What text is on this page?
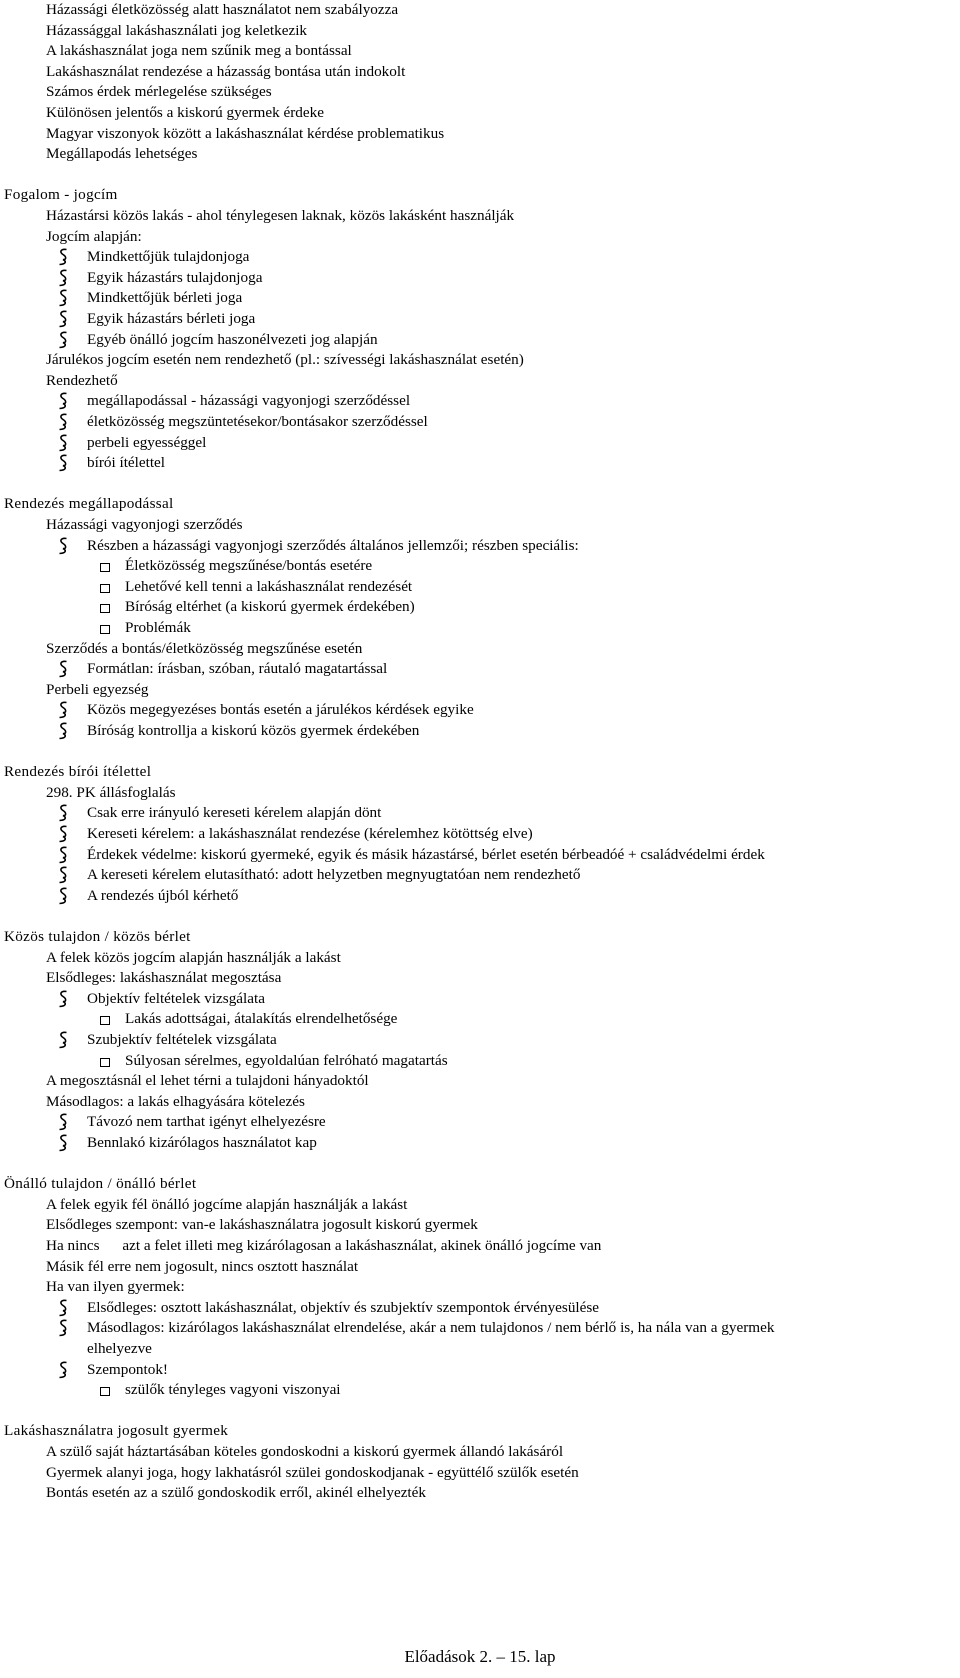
Házassági életközösség alatt használatot nem szabályozza
Házassággal lakáshasználati jog keletkezik
A lakáshasználat joga nem szűnik meg a bontással
Lakáshasználat rendezése a házasság bontása után indokolt
Számos érdek mérlegelése szükséges
Különösen jelentős a kiskorú gyermek érdeke
Magyar viszonyok között a lakáshasználat kérdése problematikus
Megállapodás lehetséges
Fogalom - jogcím
Házastársi közös lakás - ahol ténylegesen laknak, közös lakásként használják
Jogcím alapján:
Mindkettőjük tulajdonjoga
Egyik házastárs tulajdonjoga
Mindkettőjük bérleti joga
Egyik házastárs bérleti joga
Egyéb önálló jogcím haszonélvezeti jog alapján
Járulékos jogcím esetén nem rendezhető (pl.: szívességi lakáshasználat esetén)
Rendezhető
megállapodással - házassági vagyonjogi szerződéssel
életközösség megszüntetésekor/bontásakor szerződéssel
perbeli egyességgel
bírói ítélettel
Rendezés megállapodással
Házassági vagyonjogi szerződés
Részben a házassági vagyonjogi szerződés általános jellemzői; részben speciális:
Életközösség megszűnése/bontás esetére
Lehetővé kell tenni a lakáshasználat rendezését
Bíróság eltérhet (a kiskorú gyermek érdekében)
Problémák
Szerződés a bontás/életközösség megszűnése esetén
Formátlan: írásban, szóban, ráutaló magatartással
Perbeli egyezség
Közös megegyezéses bontás esetén a járulékos kérdések egyike
Bíróság kontrollja a kiskorú közös gyermek érdekében
Rendezés bírói ítélettel
298. PK állásfoglalás
Csak erre irányuló kereseti kérelem alapján dönt
Kereseti kérelem: a lakáshasználat rendezése (kérelemhez kötöttség elve)
Érdekek védelme: kiskorú gyermeké, egyik és másik házastársé, bérlet esetén bérbeadóé + családvédelmi érdek
A kereseti kérelem elutasítható: adott helyzetben megnyugtatóan nem rendezhető
A rendezés újból kérhető
Közös tulajdon / közös bérlet
A felek közös jogcím alapján használják a lakást
Elsődleges: lakáshasználat megosztása
Objektív feltételek vizsgálata
Lakás adottságai, átalakítás elrendelhetősége
Szubjektív feltételek vizsgálata
Súlyosan sérelmes, egyoldalúan felróható magatartás
A megosztásnál el lehet térni a tulajdoni hányadoktól
Másodlagos: a lakás elhagyására kötelezés
Távozó nem tarthat igényt elhelyezésre
Bennlakó kizárólagos használatot kap
Önálló tulajdon / önálló bérlet
A felek egyik fél önálló jogcíme alapján használják a lakást
Elsődleges szempont: van-e lakáshasználatra jogosult kiskorú gyermek
Ha nincs      azt a felet illeti meg kizárólagosan a lakáshasználat, akinek önálló jogcíme van
Másik fél erre nem jogosult, nincs osztott használat
Ha van ilyen gyermek:
Elsődleges: osztott lakáshasználat, objektív és szubjektív szempontok érvényesülése
Másodlagos: kizárólagos lakáshasználat elrendelése, akár a nem tulajdonos / nem bérlő is, ha nála van a gyermek
elhelyezve
Szempontok!
szülők tényleges vagyoni viszonyai
Lakáshasználatra jogosult gyermek
A szülő saját háztartásában köteles gondoskodni a kiskorú gyermek állandó lakásáról
Gyermek alanyi joga, hogy lakhatásról szülei gondoskodjanak - együttélő szülők esetén
Bontás esetén az a szülő gondoskodik erről, akinél elhelyezték
Előadások 2. – 15. lap
